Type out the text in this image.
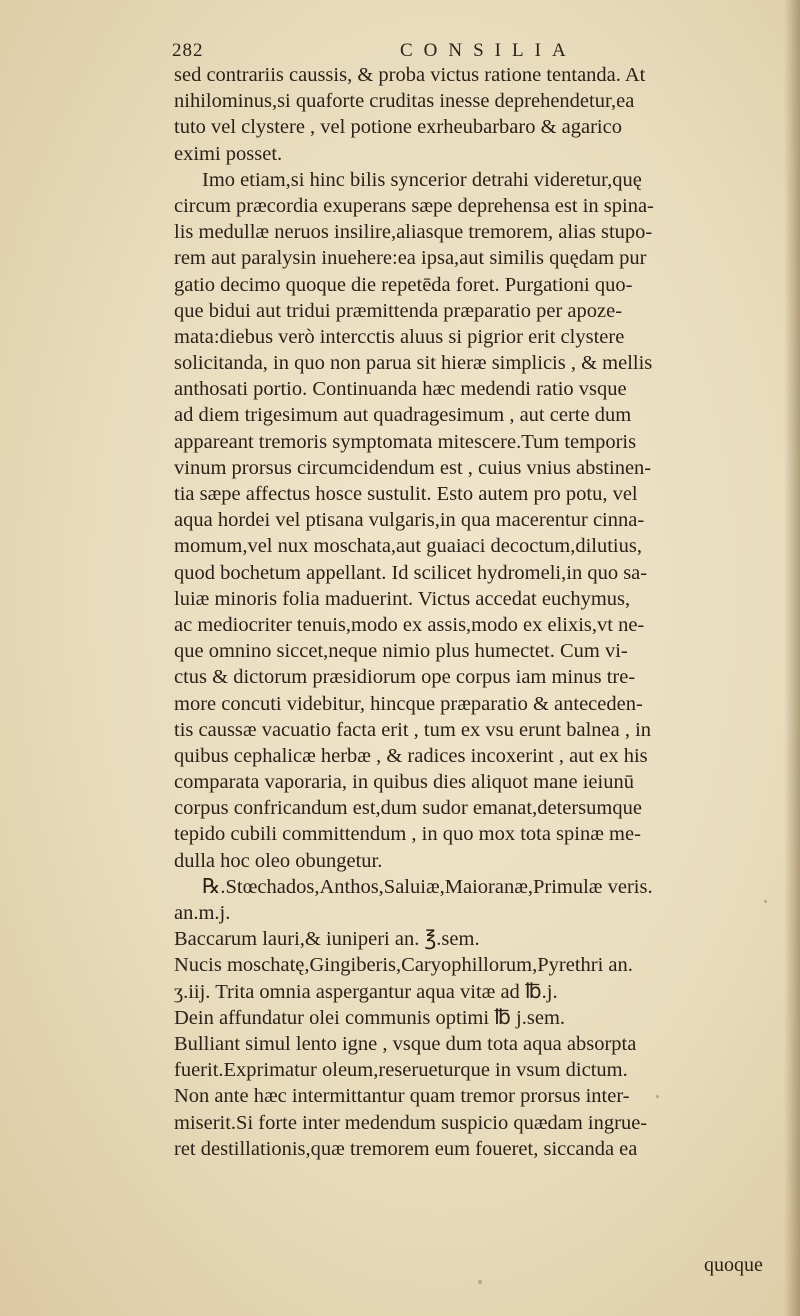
282	CONSILIA
sed contrariis caussis, & proba victus ratione tentanda. At
nihilominus,si quaforte cruditas inesse deprehendetur,ea
tuto vel clystere , vel potione exrheubarbaro & agarico
eximi posset.
Imo etiam,si hinc bilis syncerior detrahi videretur,quę
circum præcordia exuperans sæpe deprehensa est in spina-
lis medullæ neruos insilire,aliasque tremorem, alias stupo-
rem aut paralysin inuehere:ea ipsa,aut similis quędam pur
gatio decimo quoque die repetēda foret. Purgationi quo-
que bidui aut tridui præmittenda præparatio per apoze-
mata:diebus verò intercctis aluus si pigrior erit clystere
solicitanda, in quo non parua sit hieræ simplicis , & mellis
anthosati portio. Continuanda hæc medendi ratio vsque
ad diem trigesimum aut quadragesimum , aut certe dum
appareant tremoris symptomata mitescere.Tum temporis
vinum prorsus circumcidendum est , cuius vnius abstinen-
tia sæpe affectus hosce sustulit. Esto autem pro potu, vel
aqua hordei vel ptisana vulgaris,in qua macerentur cinna-
momum,vel nux moschata,aut guaiaci decoctum,dilutius,
quod bochetum appellant. Id scilicet hydromeli,in quo sa-
luiæ minoris folia maduerint. Victus accedat euchymus,
ac mediocriter tenuis,modo ex assis,modo ex elixis,vt ne-
que omnino siccet,neque nimio plus humectet. Cum vi-
ctus & dictorum præsidiorum ope corpus iam minus tre-
more concuti videbitur, hincque præparatio & anteceden-
tis caussæ vacuatio facta erit , tum ex vsu erunt balnea , in
quibus cephalicæ herbæ , & radices incoxerint , aut ex his
comparata vaporaria, in quibus dies aliquot mane ieiunū
corpus confricandum est,dum sudor emanat,detersumque
tepido cubili committendum , in quo mox tota spinæ me-
dulla hoc oleo obungetur.
℞.Stœchados,Anthos,Saluiæ,Maioranæ,Primulæ veris.
an.m.j.
Baccarum lauri,& iuniperi an. ℥.sem.
Nucis moschatę,Gingiberis,Caryophillorum,Pyrethri an.
ʒ.iij. Trita omnia aspergantur aqua vitæ ad ℔.j.
Dein affundatur olei communis optimi ℔ j.sem.
Bulliant simul lento igne , vsque dum tota aqua absorpta
fuerit.Exprimatur oleum,reserueturque in vsum dictum.
Non ante hæc intermittantur quam tremor prorsus inter-
miserit.Si forte inter medendum suspicio quædam ingrue-
ret destillationis,quæ tremorem eum foueret, siccanda ea
quoque
